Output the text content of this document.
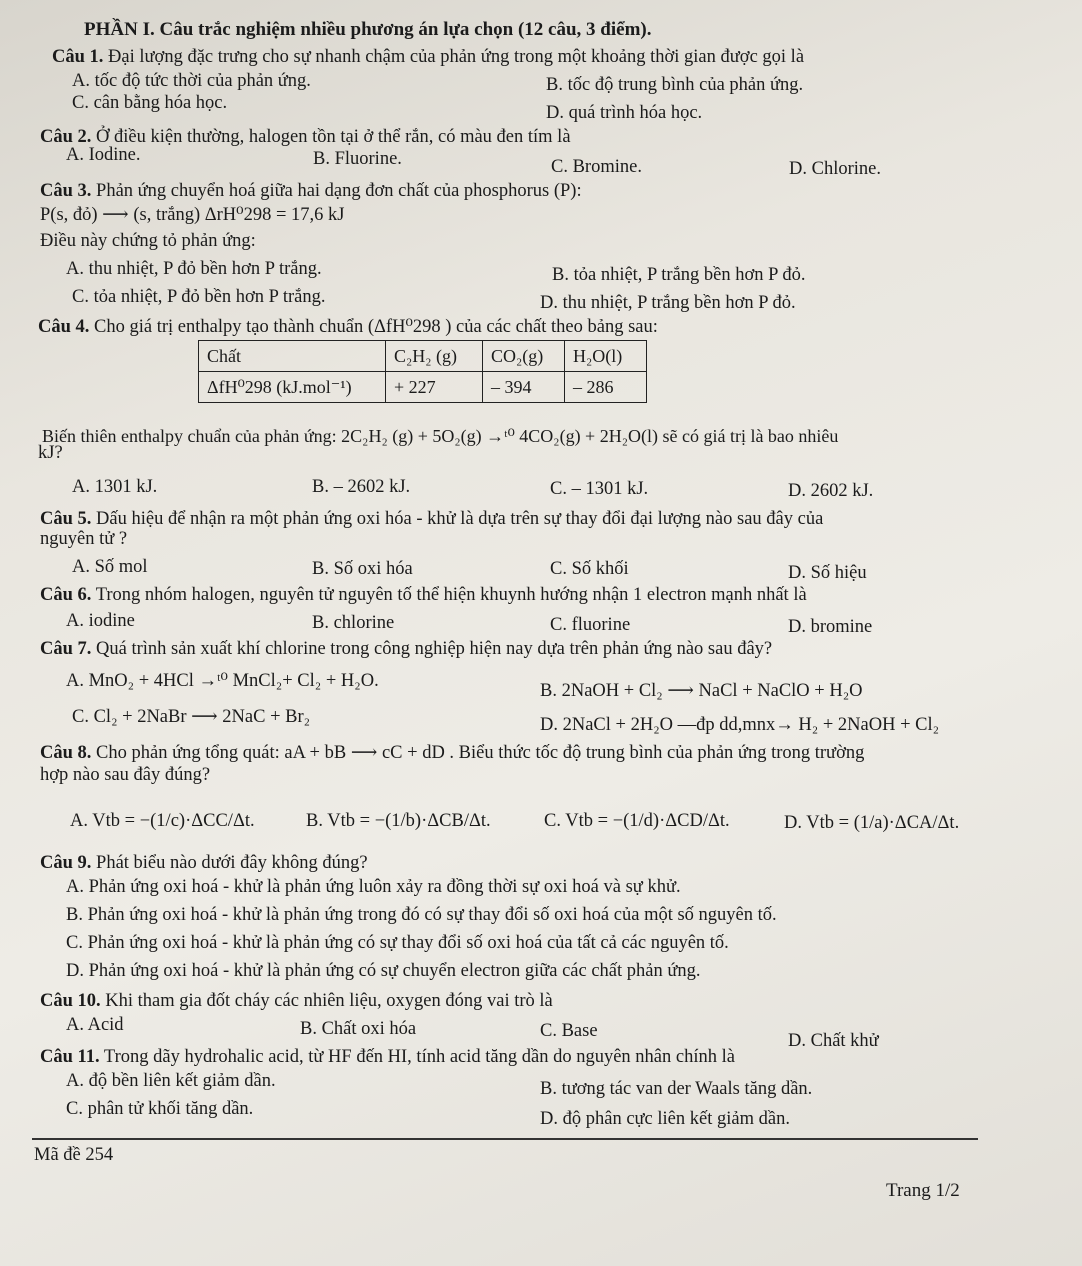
PHẦN I. Câu trắc nghiệm nhiều phương án lựa chọn (12 câu, 3 điểm).
Câu 1. Đại lượng đặc trưng cho sự nhanh chậm của phản ứng trong một khoảng thời gian được gọi là
A. tốc độ tức thời của phản ứng.	B. tốc độ trung bình của phản ứng.
C. cân bằng hóa học.	D. quá trình hóa học.
Câu 2. Ở điều kiện thường, halogen tồn tại ở thể rắn, có màu đen tím là
A. Iodine.	B. Fluorine.	C. Bromine.	D. Chlorine.
Câu 3. Phản ứng chuyển hoá giữa hai dạng đơn chất của phosphorus (P):
P(s, đỏ) ⟶ (s, trắng) ΔrH⁰298 = 17,6 kJ
Điều này chứng tỏ phản ứng:
A. thu nhiệt, P đỏ bền hơn P trắng.	B. tỏa nhiệt, P trắng bền hơn P đỏ.
C. tỏa nhiệt, P đỏ bền hơn P trắng.	D. thu nhiệt, P trắng bền hơn P đỏ.
Câu 4. Cho giá trị enthalpy tạo thành chuẩn (ΔfH⁰298 ) của các chất theo bảng sau:
Chất	C₂H₂ (g)	CO₂(g)	H₂O(l)
ΔfH⁰298 (kJ.mol⁻¹)	+ 227	– 394	– 286
Biến thiên enthalpy chuẩn của phản ứng: 2C₂H₂ (g) + 5O₂(g) →ᵗ⁰ 4CO₂(g) + 2H₂O(l) sẽ có giá trị là bao nhiêu
kJ?
A. 1301 kJ.	B. – 2602 kJ.	C. – 1301 kJ.	D. 2602 kJ.
Câu 5. Dấu hiệu để nhận ra một phản ứng oxi hóa - khử là dựa trên sự thay đổi đại lượng nào sau đây của
nguyên tử ?
A. Số mol	B. Số oxi hóa	C. Số khối	D. Số hiệu
Câu 6. Trong nhóm halogen, nguyên tử nguyên tố thể hiện khuynh hướng nhận 1 electron mạnh nhất là
A. iodine	B. chlorine	C. fluorine	D. bromine
Câu 7. Quá trình sản xuất khí chlorine trong công nghiệp hiện nay dựa trên phản ứng nào sau đây?
A. MnO₂ + 4HCl →ᵗ⁰ MnCl₂+ Cl₂ + H₂O.	B. 2NaOH + Cl₂ ⟶ NaCl + NaClO + H₂O
C. Cl₂ + 2NaBr ⟶ 2NaC + Br₂	D. 2NaCl + 2H₂O —đp dd,mnx→ H₂ + 2NaOH + Cl₂
Câu 8. Cho phản ứng tổng quát: aA + bB ⟶ cC + dD . Biểu thức tốc độ trung bình của phản ứng trong trường
hợp nào sau đây đúng?
A. Vtb = −(1/c)·ΔCC/Δt.	B. Vtb = −(1/b)·ΔCB/Δt.	C. Vtb = −(1/d)·ΔCD/Δt.	D. Vtb = (1/a)·ΔCA/Δt.
Câu 9. Phát biểu nào dưới đây không đúng?
A. Phản ứng oxi hoá - khử là phản ứng luôn xảy ra đồng thời sự oxi hoá và sự khử.
B. Phản ứng oxi hoá - khử là phản ứng trong đó có sự thay đổi số oxi hoá của một số nguyên tố.
C. Phản ứng oxi hoá - khử là phản ứng có sự thay đổi số oxi hoá của tất cả các nguyên tố.
D. Phản ứng oxi hoá - khử là phản ứng có sự chuyển electron giữa các chất phản ứng.
Câu 10. Khi tham gia đốt cháy các nhiên liệu, oxygen đóng vai trò là
A. Acid	B. Chất oxi hóa	C. Base	D. Chất khử
Câu 11. Trong dãy hydrohalic acid, từ HF đến HI, tính acid tăng dần do nguyên nhân chính là
A. độ bền liên kết giảm dần.	B. tương tác van der Waals tăng dần.
C. phân tử khối tăng dần.	D. độ phân cực liên kết giảm dần.
Mã đề 254
Trang 1/2
